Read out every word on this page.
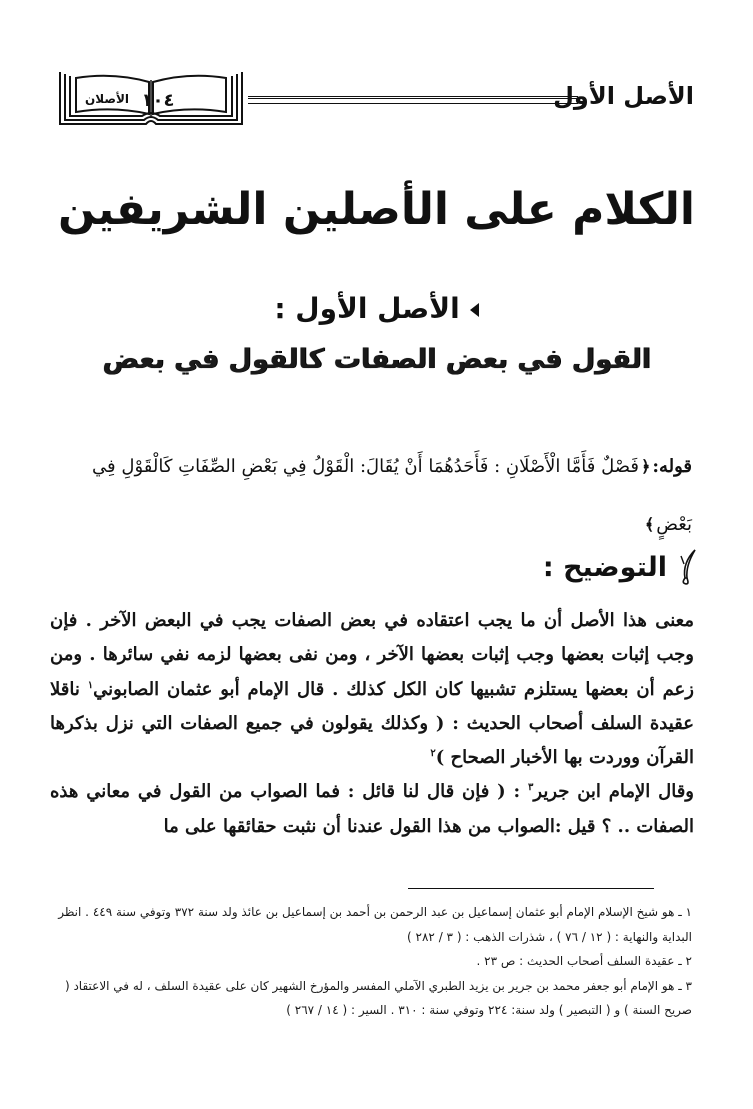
الأصلان ١٠٤	الأصل الأول
الكلام على الأصلين الشريفين
الأصل الأول :
القول في بعض الصفات كالقول في بعض
قوله:﴿فَصْلٌ فَأَمَّا الْأَصْلَانِ : فَأَحَدُهُمَا أَنْ يُقَالَ: الْقَوْلُ فِي بَعْضِ الصِّفَاتِ كَالْقَوْلِ فِي بَعْضٍ﴾
التوضيح :

معنى هذا الأصل أن ما يجب اعتقاده في بعض الصفات يجب في البعض الآخر . فإن وجب إثبات بعضها وجب إثبات بعضها الآخر ، ومن نفى بعضها لزمه نفي سائرها . ومن زعم أن بعضها يستلزم تشبيها كان الكل كذلك . قال الإمام أبو عثمان الصابوني$^١$ ناقلا عقيدة السلف أصحاب الحديث : ( وكذلك يقولون في جميع الصفات التي نزل بذكرها القرآن ووردت بها الأخبار الصحاح )$^٢$

وقال الإمام ابن جرير$^٣$ : ( فإن قال لنا قائل : فما الصواب من القول في معاني هذه الصفات .. ؟ قيل :الصواب من هذا القول عندنا أن نثبت حقائقها على ما

١ ـ هو شيخ الإسلام الإمام أبو عثمان إسماعيل بن عبد الرحمن بن أحمد بن إسماعيل بن عائذ ولد سنة ٣٧٢ وتوفي سنة ٤٤٩ . انظر البداية والنهاية : ( ١٢ / ٧٦ ) ، شذرات الذهب : ( ٣ / ٢٨٢ )

٢ ـ عقيدة السلف أصحاب الحديث : ص ٢٣ .

٣ ـ هو الإمام أبو جعفر محمد بن جرير بن يزيد الطبري الآملي المفسر والمؤرخ الشهير كان على عقيدة السلف ، له في الاعتقاد ( صريح السنة ) و ( التبصير ) ولد سنة: ٢٢٤ وتوفي سنة : ٣١٠ . السير : ( ١٤ / ٢٦٧ )
